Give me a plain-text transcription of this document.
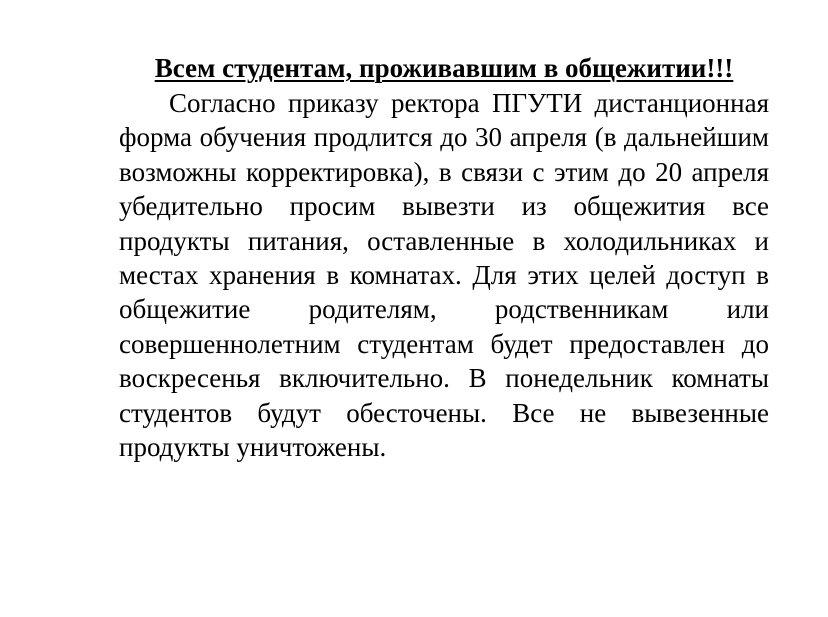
Всем студентам, проживавшим в общежитии!!!

Согласно приказу ректора ПГУТИ дистанционная форма обучения продлится до 30 апреля (в дальнейшим возможны корректировка), в связи с этим до 20 апреля убедительно просим вывезти из общежития все продукты питания, оставленные в холодильниках и местах хранения в комнатах. Для этих целей доступ в общежитие родителям, родственникам или совершеннолетним студентам будет предоставлен до воскресенья включительно. В понедельник комнаты студентов будут обесточены. Все не вывезенные продукты уничтожены.
